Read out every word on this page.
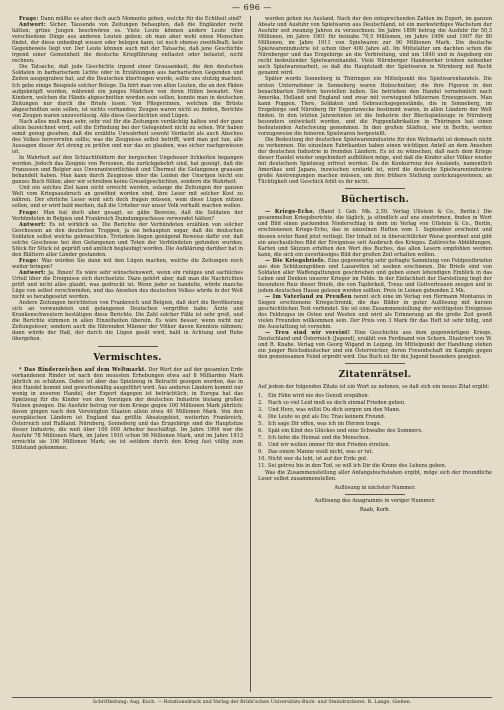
— 696 —

Frage: Dann müßte es aber doch auch Momente geben, welche für die Echtheit sind?

Antwort: Sicher. Tausende von Zeitungen behaupten, daß die Engländer recht hätten; grüne Jungen beschwören es. Viele Leute können andere Leute über verschiedene Dinge aus anderen Leuten geben; ob man aber wohl einen Menschen findet, der diese unbedingt wissen oder belegen kann, ist noch ebenso zweifelhaft; kein Gegenbeweis liegt vor. Der Leute können auch mit der Tatsache, daß jene Geschichte irgend einer Gemeinheit die deutsche Kriegführung entlastet oder belastet, nicht rechnen.

Die Tatsache, daß jede Geschichte irgend einer Grausamkeit, die den deutschen Soldaten in barbarischem Lichte oder in Erzählungen aus barbarischen Gegenden und Zeiten ausgegraben hat, auf die Deutschen übertragen wurde, sollte uns stutzig machen. Ich gebe einige Beispiele solcher Belege. Da hört man von allen Leuten, die an den Fäden aufgeknüpft wurden, während ein junges Mädchen von ihren Hilfen bewahrt. Von Kindern, welchen die Hände abgeschnitten worden sein sollen, konnte man in deutschen Zeitungen nur durch die Briefe lesen. Von Pflegerinnen, welchen die Brüste abgeschnitten sein sollen, ist nichts vorhanden; Zeugen waren nicht zu finden, Berichte von Zeugen waren unzuverlässig. Alle diese Geschichten sind Lügen.

Nach alles muß man sehr, sehr viel für die Zeitungen verdächtig halten und der ganz allein bezeichnet wird, soll die Erfindung bei der Gelegenheit nicht zu sehen. Wir haben somit genug gesehen, daß die erzählte Unwahrheit sowohl Verdacht als auch Abscheu des Volkes hervorrufen sollte; was die Zeugnisse selbst betrifft, wird man gut tun, alle Aussagen dieser Art streng zu prüfen und nur das zu glauben, was sicher nachgewiesen ist.

In Wahrheit auf den Schlachtfeldern der bergischen Ungeheuer lichkeiten begangen worden. Jedoch das Zeugnis von Personen, die zurückgekehrt sind, hat gezeigt, daß die Franzosen und Belgier aus Unverantwortlichkeit und Übermut die Gefangenen grausam behandelt haben. Man kann durch Zeugnisse über die Leiden der Unsrigen leicht ein ganzes Buch füllen; aber wir schreiben keine Greuelgeschichten, sondern die Wahrheit.

Und ein solches Ziel kann nicht erreicht werden, solange die Zeitungen der ganzen Welt vom Kriegsausbruch an gewöhnt worden sind, ihre Leser mit solcher Kost zu nähren. Der ehrliche Leser wird sich doch fragen müssen, wem diese Lügen nützen sollen, und er wird bald merken, daß die Urheber nur unser Volk verhaßt machen wollen.

Frage: Man hat doch aber gesagt, es gäbe Beweise, daß die Soldaten der Verbündeten in Belgien und Frankreich Dumdumgeschosse verwendet hätten?

Antwort: Es ist wirklich so. Die Berichte der Verbündeten erzählen von solcher Geschossen an den deutschen Truppen, ja sie behaupten sogar, daß die deutschen Soldaten selbst welche gebrauchten. Trotzdem liegen genügend Beweise dafür vor, daß solche Geschosse bei den Gefangenen und Toten der Verbündeten gefunden wurden; Stück für Stück ist geprüft und amtlich beglaubigt worden. Die Aufklärung darüber hat in den Blättern aller Länder gestanden.

Frage: Was würden Sie dann mit den Lügen machen, welche die Zeitungen noch weiter bringen?

Antwort: Ja, Ihnen! Es wäre sehr wünschenswert, wenn ein ruhiges und sachliches Urteil über die Ereignisse sich durchsetzte. Dazu gehört aber, daß man die Nachrichten prüft und nicht alles glaubt, was gedruckt ist. Wenn jeder so handelte, würde manche Lüge von selbst verschwinden, und das Ansehen des deutschen Volkes würde in der Welt nicht so herabgesetzt werden.

Andere Zeitungen berichteten von Frankreich und Belgien, daß dort die Bevölkerung sich an verwundeten und gefangenen Deutschen vergriffen habe; Ärzte und Krankenschwestern bestätigen diese Berichte. Die Zahl solcher Fälle ist sehr groß, und die Berichte stimmen in allen Einzelheiten überein. Es wäre besser, wenn nicht nur Zeitungsleser, sondern auch die führenden Männer der Völker davon Kenntnis nähmen; dann würde der Haß, der durch die Lügen gesät wird, bald in Achtung und Ruhe übergehen.

Vermischtes.

* Das Rinderzeichen auf dem Weltmarkt. Der Wert der auf der gesamten Erde vorhandenen Rinder ist nach den neuesten Erhebungen etwa auf 8 Milliarden Mark jährlich zu schätzen. Dabei ist aber das Spielzeug in Betracht gezogen worden, das in den Handel kommt und gewerbsmäßig ausgeführt wird. Aus anderen Ländern kommt nur wenig in unseren Handel, der Export dagegen ist beträchtlich; in Europa hat das Spielzeug für die Kinder von den Vorzügen der deutschen Industrie bislang großen Nutzen gezogen. Die Ausfuhr betrug vor dem Kriege gegen 100 Millionen Mark jährlich; davon gingen nach den Vereinigten Staaten allein etwa 40 Millionen Mark. Von den europäischen Ländern ist England das größte Absatzgebiet, weiterhin Frankreich, Österreich und Rußland. Nürnberg, Sonneberg und das Erzgebirge sind die Hauptsitze dieser Industrie, die weit über 100 000 Arbeiter beschäftigt. Im Jahre 1906 war die Ausfuhr 78 Millionen Mark, im Jahre 1910 schon 96 Millionen Mark, und im Jahre 1913 erreichte sie 106 Millionen Mark; sie ist seitdem durch den Krieg fast völlig zum Stillstand gekommen.

worden gehen ins Ausland. Nach der den entsprechenden Zahlen im Export, im ganzen Absatz und Ausfuhr von Spielwaren aus Deutschland, ist ein merkwürdiges Wachstum der Ausfuhr seit zwanzig Jahren zu verzeichnen. Im Jahre 1896 betrug die Ausfuhr für 50,3 Millionen, im Jahre 1901 für beinahe 70,5 Millionen, im Jahre 1906 und 1907 für 80 Millionen, im Jahre 1911 von Spielwaren zur 90 Millionen Mark. Die deutsche Spielwarenindustrie ist schon über 400 Jahre alt. Im Mittelalter um dachten schon die Nürnberger und das Erzgebirge an die Verbreitung, und um 1840 und in Augsburg ein recht bedeutender Spielwarenhandel. Viele Nürnberger Handwerker trieben nebenher auch Spielwarenarbeit, so daß die Hauptstadt der Spielwaren in Nürnberg mit Recht genannt wird.

Später wurde Sonneberg in Thüringen ein Mittelpunkt des Spielwarenhandels. Die ersten Unternehmer in Sonneberg waren Holzschnitzer, die ihre Figuren in den benachbarten Dörfern herstellen ließen. Sie betrieben den Handel vornehmlich nach Amerika, Holland und England und zwar mit vorwiegend hölzernen Erzeugnissen. Man kann Puppen, Tiere, Soldaten und Gebrauchsgegenstände, die in Sonneberg, im Erzgebirge und Nürnberg für Exportzwecke bestimmt waren, in allen Ländern der Welt finden. In den letzten Jahrzehnten ist die Industrie der Blechspielzeuge in Nürnberg besonders entwickelt worden, und die Puppenfabrikation in Thüringen hat einen bedeutenden Aufschwung genommen. In den großen Städten, wie in Berlin, werden vorzugsweise die feineren Spielwaren hergestellt.

Die Bedeutung der deutschen Spielwarenindustrie für den Weltmarkt ist demnach nicht zu verkennen. Die einzelnen Fabrikanten haben einen wichtigen Anteil an dem Ansehen der deutschen Industrie in fremden Ländern. Es ist zu wünschen, daß nach dem Kriege dieser Handel wieder ungehindert aufblühen möge, und daß die Kinder aller Völker wieder mit deutschem Spielzeug erfreut werden. Da die Konkurrenz des Auslands, namentlich Amerikas und Japans, inzwischen erstarkt ist, wird die deutsche Spielwarenindustrie große Anstrengungen machen müssen, um ihre frühere Stellung zurückzugewinnen; an Tüchtigkeit und Geschick fehlt es ihr nicht.

Büchertisch.

— Kriegs-Echo. (Band I. Geb. Mk. 2,50. Verlag Ullstein & Co., Berlin.) Die gesammelten Kriegsberichte, die täglich, ja stündlich auf uns einströmen, finden in Wort und Bild einen packenden Niederschlag in dem im Verlag von Ullstein & Co., Berlin, erschienenen Kriegs-Echo, das in einzelnen Heften vom 1. September erscheint und dessen erster Band jetzt vorliegt. Der Inhalt ist in übersichtlicher Weise geordnet und gibt ein anschauliches Bild der Ereignisse seit Ausbruch des Krieges. Zahlreiche Abbildungen, Karten und Skizzen erhöhen den Wert des Buches, das allen Lesern empfohlen werden kann, die sich ein zuverlässiges Bild der großen Zeit erhalten wollen.

— Die Kriegsbriefe. Eine gegenwärtig sehr gefragte Sammlung von Feldpostbriefen aus den Schützengräben und Lazaretten ist soeben erschienen. Die Briefe sind von Soldaten aller Waffengattungen geschrieben und geben einen lebendigen Einblick in das Leben und Denken unserer Krieger im Felde. In der Einfachheit der Darstellung liegt der besondere Reiz dieser Briefe, die von Tapferkeit, Treue und Gottvertrauen zeugen und in jedem deutschen Hause gelesen werden sollten. Preis in Leinen gebunden 2 Mk.

— Im Vaterland zu Preußen nennt sich eine im Verlag von Hermann Montanus in Siegen erschienene Kriegschronik, die das Bilder in guter Auflösung mit kurzen geschichtlichen Text verbindet. Sie ist eine Zusammenstellung der wichtigsten Ereignisse des Feldzuges im Osten und Westen und wird als Erinnerung an die große Zeit gewiß vielen Freunden willkommen sein. Der Preis von 3 Mark für das Heft ist sehr billig, und die Ausstattung ist vornehm.

— Treu sind wir vereint! Eine Geschichte aus dem gegenwärtigen Kriege, Deutschland und Österreich (Jugend), erzählt von Ferdinand von Schorn. Illustriert von W. und R. Knabe. Verlag von Georg Wigand in Leipzig. Im Mittelpunkt der Handlung stehen ein junger Reichsdeutscher und ein Österreicher, deren Freundschaft im Kampfe gegen den gemeinsamen Feind erprobt wird. Das Buch ist für die Jugend besonders geeignet.

Zitatenrätsel.

Auf jedem der folgenden Zitate ist ein Wort zu nehmen, so daß sich ein neues Zitat ergibt:

1. Ein Fähn wird nie des Genuß erspähen.
2. Nach so viel Leid muß es doch einmal Frieden geben.
3. Und Herz, was willst Du dich sorgen um den Mann.
4. Die Leute so gut als Du: Trau keinem Freund.
5. Ich sage Dir offen, was ich im Herzen trage.
6. Spät ein Kind des Glückes und eine Schwalbe des Sommers.
7. Ich liebe die Heimat und die Menschen.
8. Und wir wollen immer für den Frieden streiten.
9. Das einem Manne weiß nicht, was er tut.
10. Nicht wer da lebt, ist auf der Erde gut.
11. Sei getreu bis in den Tod, so will ich Dir die Krone des Lebens geben.

Was die Zusammenstellung aller Anfangsbuchstaben ergibt, möge sich der freundliche Leser selbst zusammenstellen.

Auflösung in nächster Nummer.
Auflösung des Anagramms in voriger Nummer:
Raab, Korb.
Schriftleitung: Aug. Koch. — Rotationsdruck und Verlag der Brühl'schen Universitäts-Buch- und Steindruckerei. R. Lange, Gießen.
